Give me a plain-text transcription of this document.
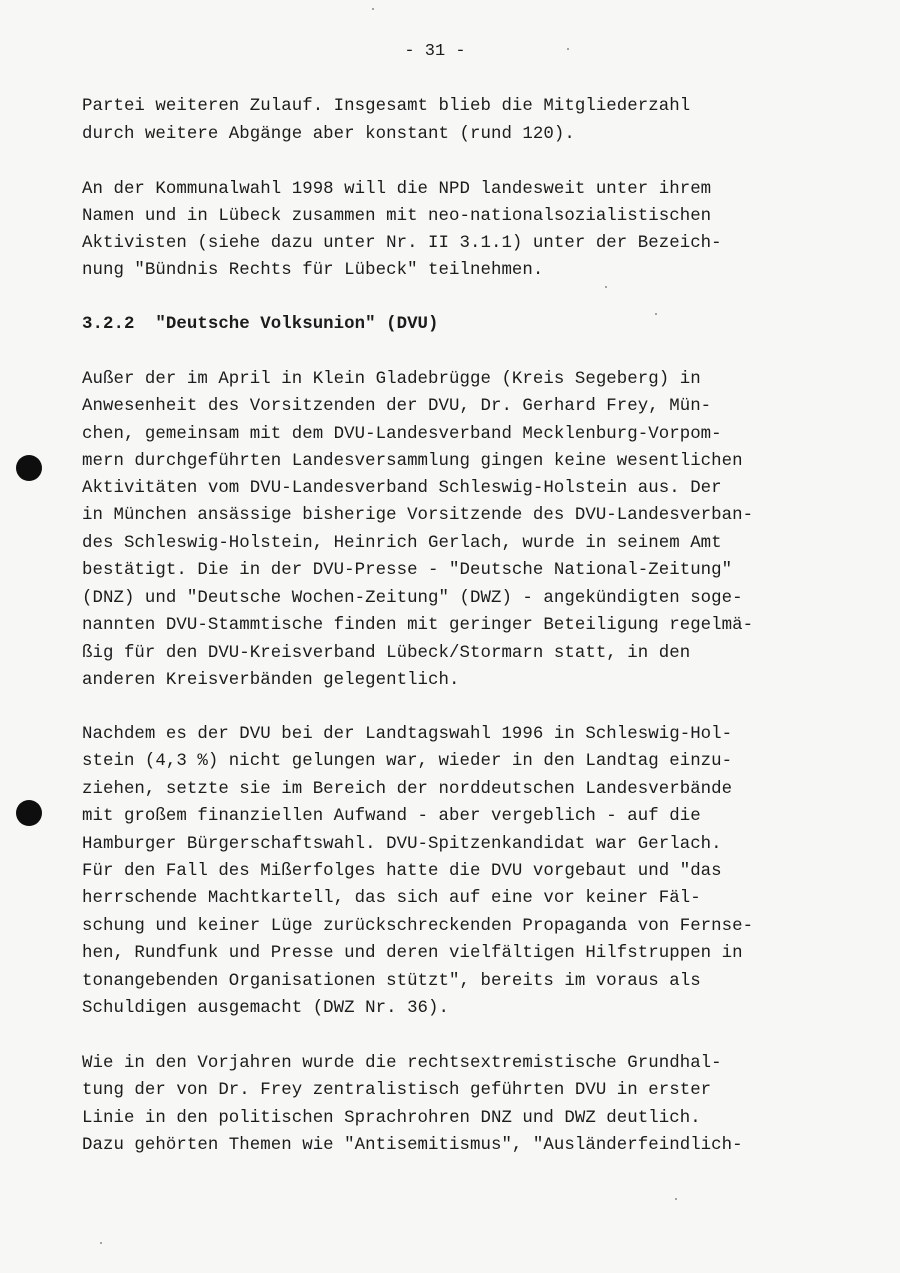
- 31 -
Partei weiteren Zulauf. Insgesamt blieb die Mitgliederzahl
durch weitere Abgänge aber konstant (rund 120).
An der Kommunalwahl 1998 will die NPD landesweit unter ihrem
Namen und in Lübeck zusammen mit neo-nationalsozialistischen
Aktivisten (siehe dazu unter Nr. II 3.1.1) unter der Bezeich-
nung "Bündnis Rechts für Lübeck" teilnehmen.
3.2.2  "Deutsche Volksunion" (DVU)
Außer der im April in Klein Gladebrügge (Kreis Segeberg) in
Anwesenheit des Vorsitzenden der DVU, Dr. Gerhard Frey, Mün-
chen, gemeinsam mit dem DVU-Landesverband Mecklenburg-Vorpom-
mern durchgeführten Landesversammlung gingen keine wesentlichen
Aktivitäten vom DVU-Landesverband Schleswig-Holstein aus. Der
in München ansässige bisherige Vorsitzende des DVU-Landesverban-
des Schleswig-Holstein, Heinrich Gerlach, wurde in seinem Amt
bestätigt. Die in der DVU-Presse - "Deutsche National-Zeitung"
(DNZ) und "Deutsche Wochen-Zeitung" (DWZ) - angekündigten soge-
nannten DVU-Stammtische finden mit geringer Beteiligung regelmä-
ßig für den DVU-Kreisverband Lübeck/Stormarn statt, in den
anderen Kreisverbänden gelegentlich.
Nachdem es der DVU bei der Landtagswahl 1996 in Schleswig-Hol-
stein (4,3 %) nicht gelungen war, wieder in den Landtag einzu-
ziehen, setzte sie im Bereich der norddeutschen Landesverbände
mit großem finanziellen Aufwand - aber vergeblich - auf die
Hamburger Bürgerschaftswahl. DVU-Spitzenkandidat war Gerlach.
Für den Fall des Mißerfolges hatte die DVU vorgebaut und "das
herrschende Machtkartell, das sich auf eine vor keiner Fäl-
schung und keiner Lüge zurückschreckenden Propaganda von Fernse-
hen, Rundfunk und Presse und deren vielfältigen Hilfstruppen in
tonangebenden Organisationen stützt", bereits im voraus als
Schuldigen ausgemacht (DWZ Nr. 36).
Wie in den Vorjahren wurde die rechtsextremistische Grundhal-
tung der von Dr. Frey zentralistisch geführten DVU in erster
Linie in den politischen Sprachrohren DNZ und DWZ deutlich.
Dazu gehörten Themen wie "Antisemitismus", "Ausländerfeindlich-
